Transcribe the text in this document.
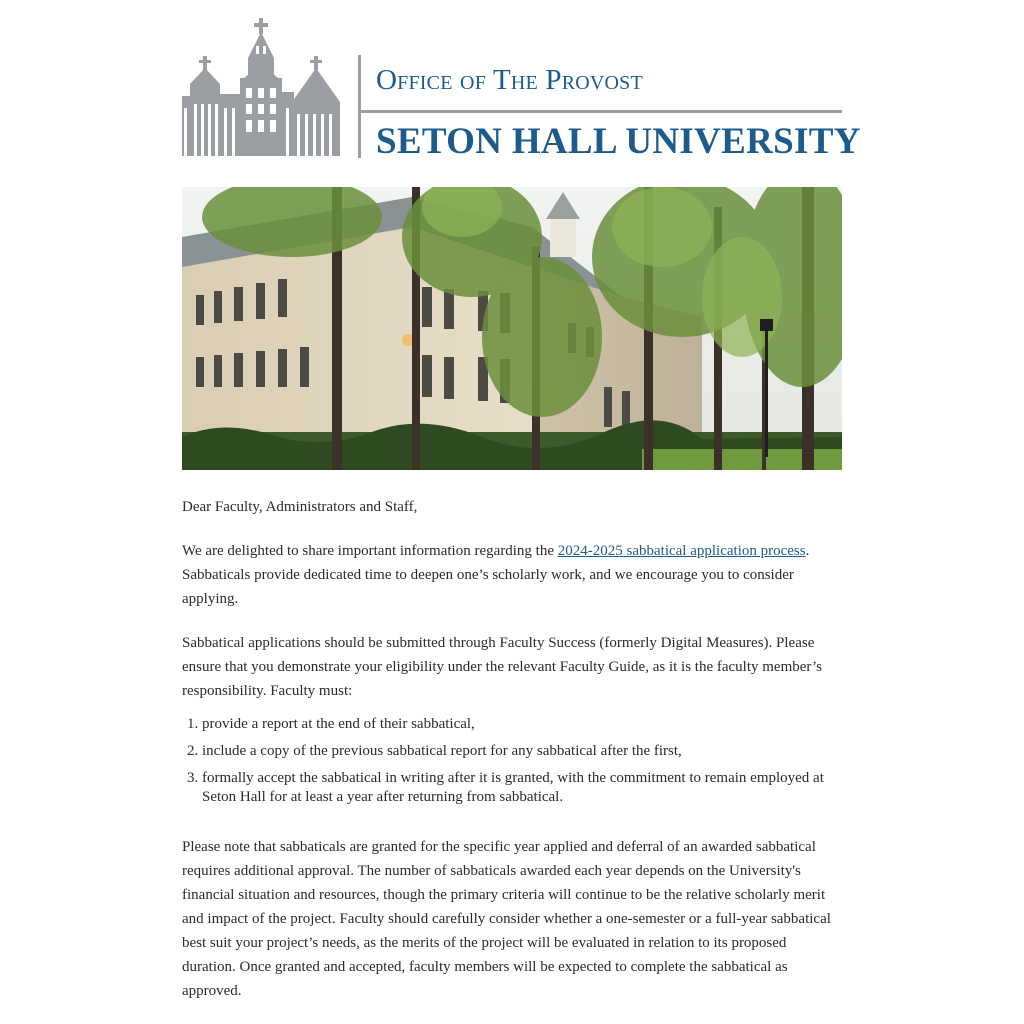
Office of The Provost
SETON HALL UNIVERSITY

Dear Faculty, Administrators and Staff,

We are delighted to share important information regarding the 2024-2025 sabbatical application process. Sabbaticals provide dedicated time to deepen one’s scholarly work, and we encourage you to consider applying.

Sabbatical applications should be submitted through Faculty Success (formerly Digital Measures). Please ensure that you demonstrate your eligibility under the relevant Faculty Guide, as it is the faculty member’s responsibility. Faculty must:

1. provide a report at the end of their sabbatical,
2. include a copy of the previous sabbatical report for any sabbatical after the first,
3. formally accept the sabbatical in writing after it is granted, with the commitment to remain employed at Seton Hall for at least a year after returning from sabbatical.

Please note that sabbaticals are granted for the specific year applied and deferral of an awarded sabbatical requires additional approval. The number of sabbaticals awarded each year depends on the University's financial situation and resources, though the primary criteria will continue to be the relative scholarly merit and impact of the project. Faculty should carefully consider whether a one-semester or a full-year sabbatical best suit your project’s needs, as the merits of the project will be evaluated in relation to its proposed duration. Once granted and accepted, faculty members will be expected to complete the sabbatical as approved.
